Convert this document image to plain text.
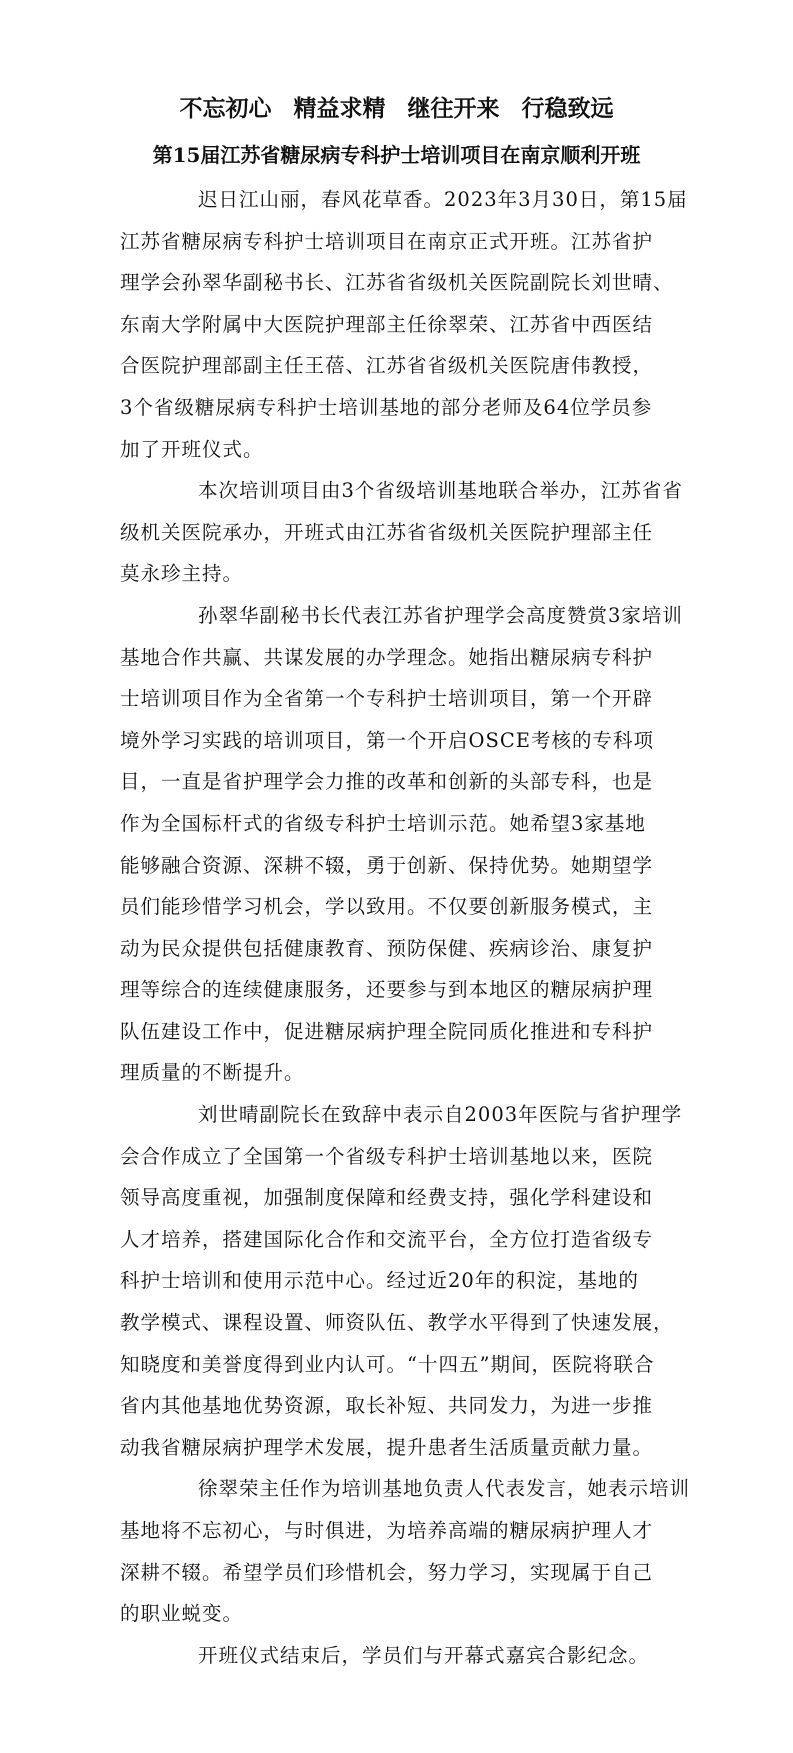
不忘初心 精益求精 继往开来 行稳致远
第15届江苏省糖尿病专科护士培训项目在南京顺利开班

迟日江山丽，春风花草香。2023年3月30日，第15届
江苏省糖尿病专科护士培训项目在南京正式开班。江苏省护
理学会孙翠华副秘书长、江苏省省级机关医院副院长刘世晴、
东南大学附属中大医院护理部主任徐翠荣、江苏省中西医结
合医院护理部副主任王蓓、江苏省省级机关医院唐伟教授，
3个省级糖尿病专科护士培训基地的部分老师及64位学员参
加了开班仪式。

本次培训项目由3个省级培训基地联合举办，江苏省省
级机关医院承办，开班式由江苏省省级机关医院护理部主任
莫永珍主持。

孙翠华副秘书长代表江苏省护理学会高度赞赏3家培训
基地合作共赢、共谋发展的办学理念。她指出糖尿病专科护
士培训项目作为全省第一个专科护士培训项目，第一个开辟
境外学习实践的培训项目，第一个开启OSCE考核的专科项
目，一直是省护理学会力推的改革和创新的头部专科，也是
作为全国标杆式的省级专科护士培训示范。她希望3家基地
能够融合资源、深耕不辍，勇于创新、保持优势。她期望学
员们能珍惜学习机会，学以致用。不仅要创新服务模式，主
动为民众提供包括健康教育、预防保健、疾病诊治、康复护
理等综合的连续健康服务，还要参与到本地区的糖尿病护理
队伍建设工作中，促进糖尿病护理全院同质化推进和专科护
理质量的不断提升。

刘世晴副院长在致辞中表示自2003年医院与省护理学
会合作成立了全国第一个省级专科护士培训基地以来，医院
领导高度重视，加强制度保障和经费支持，强化学科建设和
人才培养，搭建国际化合作和交流平台，全方位打造省级专
科护士培训和使用示范中心。经过近20年的积淀，基地的
教学模式、课程设置、师资队伍、教学水平得到了快速发展，
知晓度和美誉度得到业内认可。“十四五”期间，医院将联合
省内其他基地优势资源，取长补短、共同发力，为进一步推
动我省糖尿病护理学术发展，提升患者生活质量贡献力量。

徐翠荣主任作为培训基地负责人代表发言，她表示培训
基地将不忘初心，与时俱进，为培养高端的糖尿病护理人才
深耕不辍。希望学员们珍惜机会，努力学习，实现属于自己
的职业蜕变。

开班仪式结束后，学员们与开幕式嘉宾合影纪念。
